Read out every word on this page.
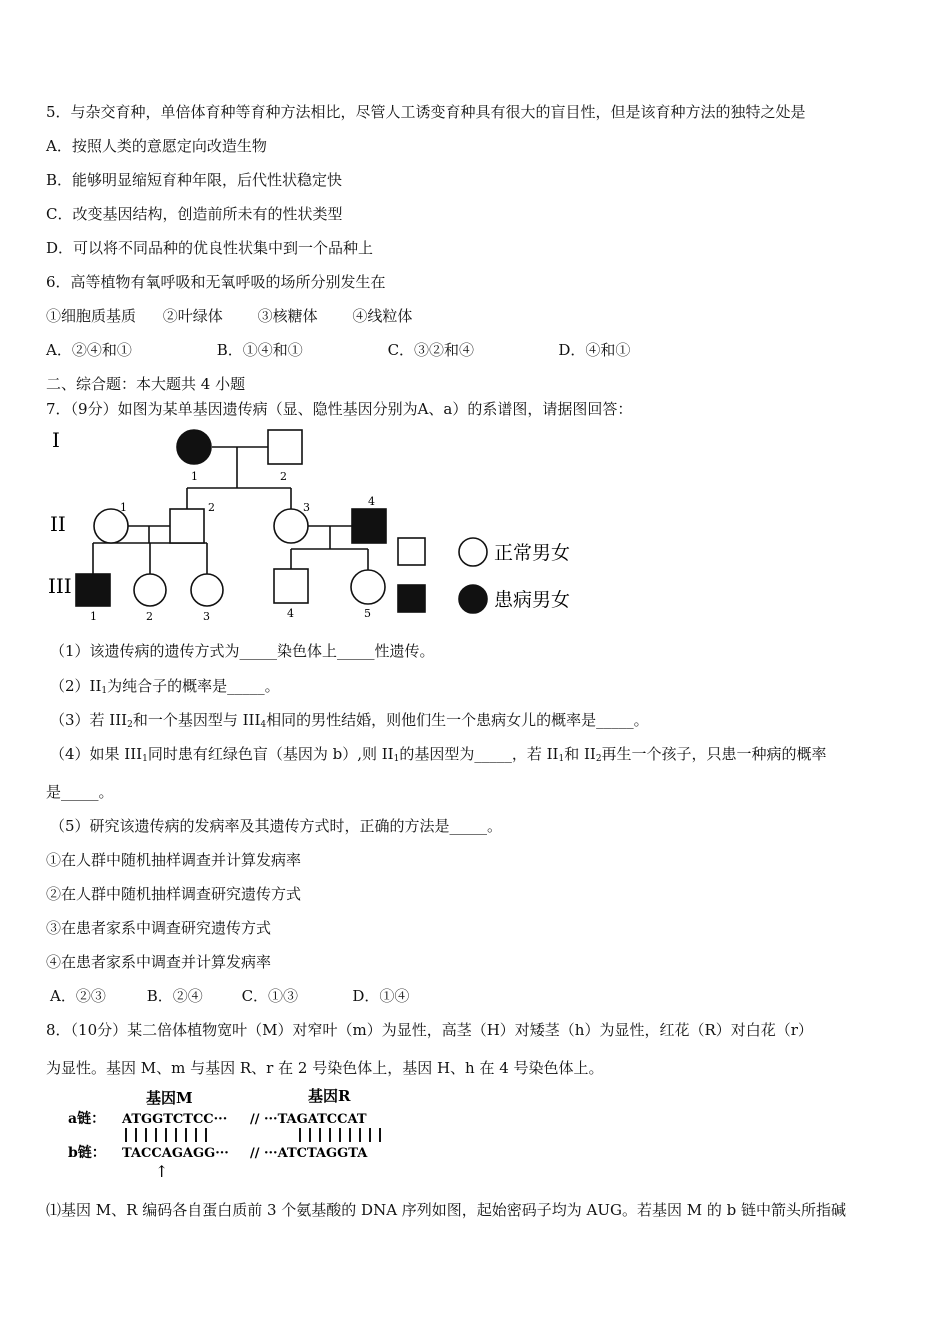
5．与杂交育种，单倍体育种等育种方法相比，尽管人工诱变育种具有很大的盲目性，但是该育种方法的独特之处是
A．按照人类的意愿定向改造生物
B．能够明显缩短育种年限，后代性状稳定快
C．改变基因结构，创造前所未有的性状类型
D．可以将不同品种的优良性状集中到一个品种上
6．高等植物有氧呼吸和无氧呼吸的场所分别发生在
①细胞质基质 ②叶绿体 ③核糖体 ④线粒体
A．②④和①	B．①④和①	C．③②和④	D．④和①
二、综合题：本大题共 4 小题
7．（9分）如图为某单基因遗传病（显、隐性基因分别为A、a）的系谱图，请据图回答：
I
II
III
1	2
1	2	3	4
1	2	3	4	5
正常男女
患病男女
（1）该遗传病的遗传方式为_____染色体上_____性遗传。
$(2)II_1$为纯合子的概率是_____。
（3）若 $III_2$和一个基因型与 $III_4$相同的男性结婚，则他们生一个患病女儿的概率是_____。
（4）如果 $III_1$同时患有红绿色盲（基因为 b）,则 $II_1$的基因型为_____，若 $II_1$和 $II_2$再生一个孩子，只患一种病的概率
是_____。
（5）研究该遗传病的发病率及其遗传方式时，正确的方法是_____。
①在人群中随机抽样调查并计算发病率
②在人群中随机抽样调查研究遗传方式
③在患者家系中调查研究遗传方式
④在患者家系中调查并计算发病率
A．②③	B．②④	C．①③	D．①④
8．（10分）某二倍体植物宽叶（M）对窄叶（m）为显性，高茎（H）对矮茎（h）为显性，红花（R）对白花（r）
为显性。基因 M、m 与基因 R、r 在 2 号染色体上，基因 H、h 在 4 号染色体上。
基因M	基因R
a链： ATGGTCTCC··· // ···TAGATCCAT
b链： TACCAGAGG··· // ···ATCTAGGTA
↑
⑴基因 M、R 编码各自蛋白质前 3 个氨基酸的 DNA 序列如图，起始密码子均为 AUG。若基因 M 的 b 链中箭头所指碱
